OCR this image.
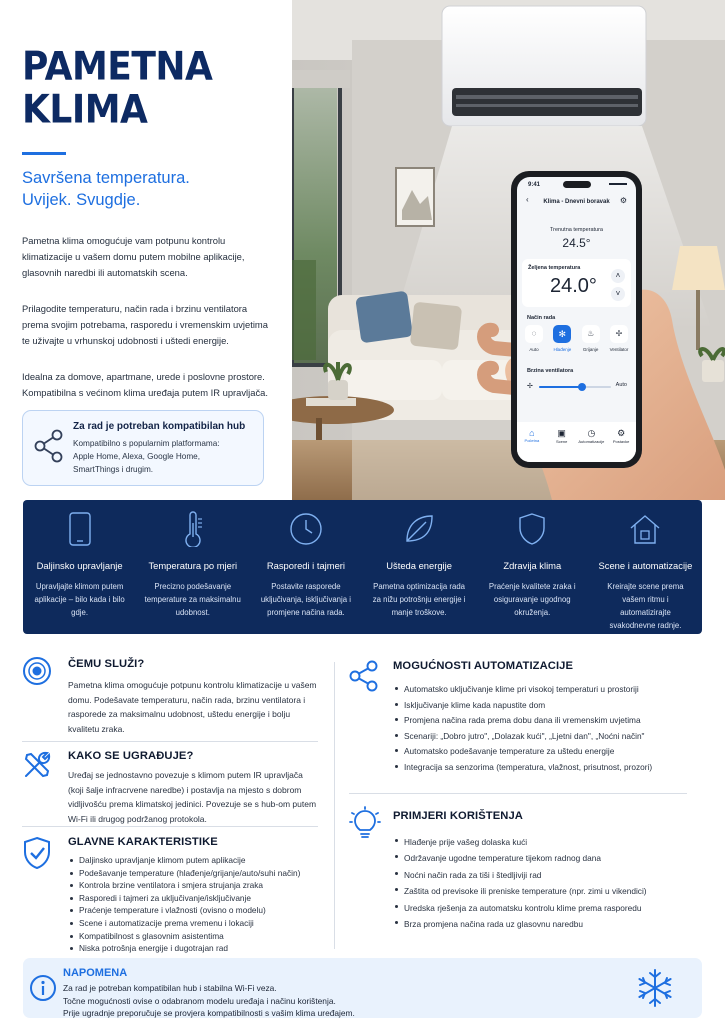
PAMETNA
KLIMA
Savršena temperatura.
Uvijek. Svugdje.

Pametna klima omogućuje vam potpunu kontrolu klimatizacije u vašem domu putem mobilne aplikacije, glasovnih naredbi ili automatskih scena.

Prilagodite temperaturu, način rada i brzinu ventilatora prema svojim potrebama, rasporedu i vremenskim uvjetima te uživajte u vrhunskoj udobnosti i uštedi energije.

Idealna za domove, apartmane, urede i poslovne prostore. Kompatibilna s većinom klima uređaja putem IR upravljača.

Za rad je potreban kompatibilan hub
Kompatibilno s popularnim platformama:
Apple Home, Alexa, Google Home,
SmartThings i drugim.
9:41
‹	Klima - Dnevni boravak	⚙
Trenutna temperatura
24.5°
Željena temperatura
24.0°	˄
˅
Način rada
◌
Auto
✻
Hlađenje
♨
Grijanje
✢
Ventilator
Brzina ventilatora
✢	Auto
⌂
Početna
▣
Scene
◷
Automatizacije
⚙
Postavke
Daljinsko upravljanje
Upravljajte klimom putem aplikacije – bilo kada i bilo gdje.
Temperatura po mjeri
Precizno podešavanje temperature za maksimalnu udobnost.
Rasporedi i tajmeri
Postavite rasporede uključivanja, isključivanja i promjene načina rada.
Ušteda energije
Pametna optimizacija rada za nižu potrošnju energije i manje troškove.
Zdravija klima
Praćenje kvalitete zraka i osiguravanje ugodnog okruženja.
Scene i automatizacije
Kreirajte scene prema vašem ritmu i automatizirajte svakodnevne radnje.
ČEMU SLUŽI?
Pametna klima omogućuje potpunu kontrolu klimatizacije u vašem domu. Podešavate temperaturu, način rada, brzinu ventilatora i rasporede za maksimalnu udobnost, uštedu energije i bolju kvalitetu zraka.
KAKO SE UGRAĐUJE?
Uređaj se jednostavno povezuje s klimom putem IR upravljača (koji šalje infracrvene naredbe) i postavlja na mjesto s dobrom vidljivošću prema klimatskoj jedinici. Povezuje se s hub-om putem Wi-Fi ili drugog podržanog protokola.
GLAVNE KARAKTERISTIKE
Daljinsko upravljanje klimom putem aplikacije
Podešavanje temperature (hlađenje/grijanje/auto/suhi način)
Kontrola brzine ventilatora i smjera strujanja zraka
Rasporedi i tajmeri za uključivanje/isključivanje
Praćenje temperature i vlažnosti (ovisno o modelu)
Scene i automatizacije prema vremenu i lokaciji
Kompatibilnost s glasovnim asistentima
Niska potrošnja energije i dugotrajan rad
MOGUĆNOSTI AUTOMATIZACIJE
Automatsko uključivanje klime pri visokoj temperaturi u prostoriji
Isključivanje klime kada napustite dom
Promjena načina rada prema dobu dana ili vremenskim uvjetima
Scenariji: „Dobro jutro", „Dolazak kući", „Ljetni dan", „Noćni način"
Automatsko podešavanje temperature za uštedu energije
Integracija sa senzorima (temperatura, vlažnost, prisutnost, prozori)
PRIMJERI KORIŠTENJA
Hlađenje prije vašeg dolaska kući
Održavanje ugodne temperature tijekom radnog dana
Noćni način rada za tiši i štedljiviji rad
Zaštita od previsoke ili preniske temperature (npr. zimi u vikendici)
Uredska rješenja za automatsku kontrolu klime prema rasporedu
Brza promjena načina rada uz glasovnu naredbu
NAPOMENA
Za rad je potreban kompatibilan hub i stabilna Wi-Fi veza.
Točne mogućnosti ovise o odabranom modelu uređaja i načinu korištenja.
Prije ugradnje preporučuje se provjera kompatibilnosti s vašim klima uređajem.
